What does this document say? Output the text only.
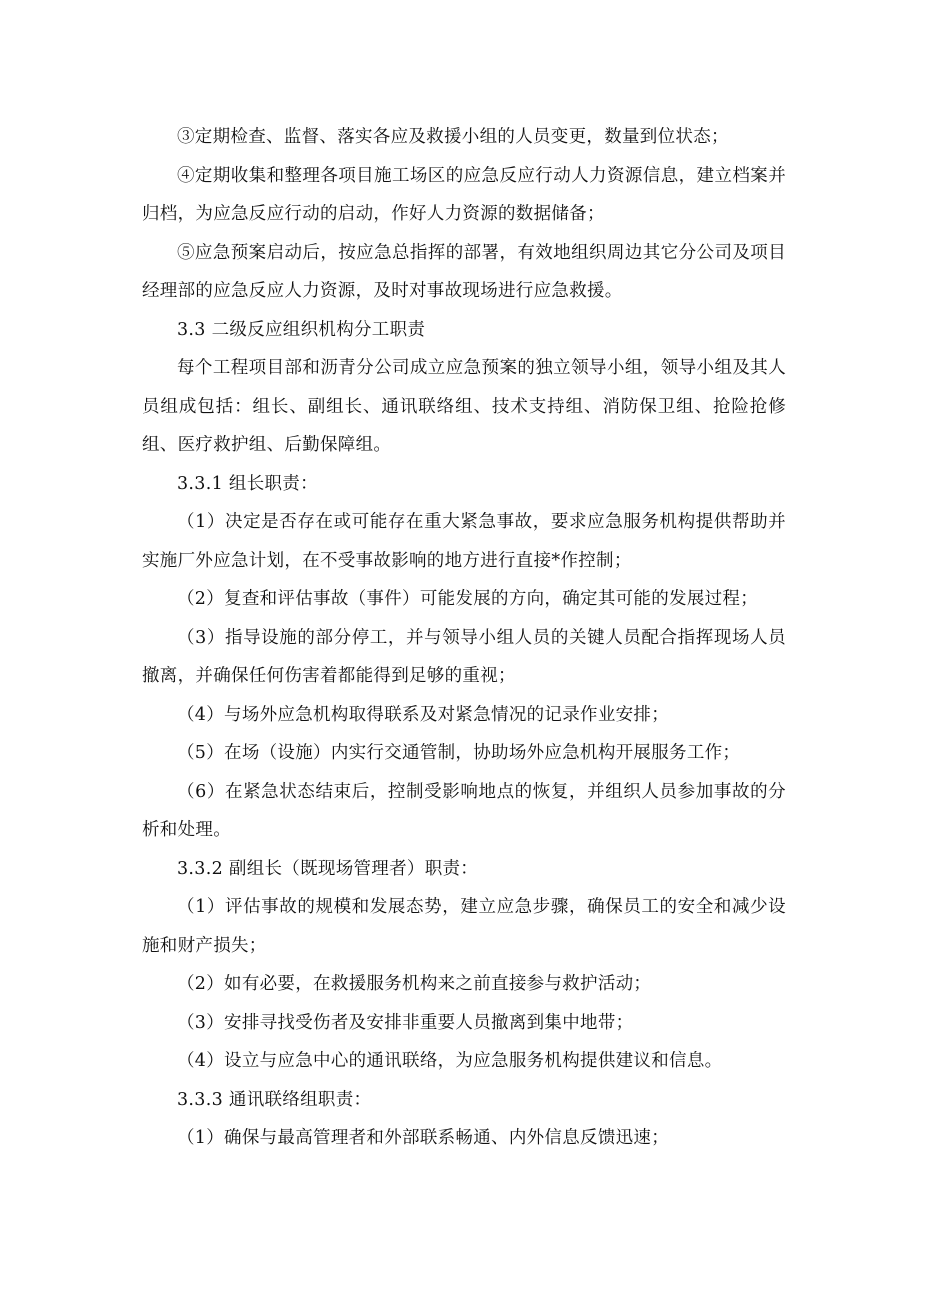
③定期检查、监督、落实各应及救援小组的人员变更，数量到位状态；

④定期收集和整理各项目施工场区的应急反应行动人力资源信息，建立档案并归档，为应急反应行动的启动，作好人力资源的数据储备；

⑤应急预案启动后，按应急总指挥的部署，有效地组织周边其它分公司及项目经理部的应急反应人力资源，及时对事故现场进行应急救援。

3.3 二级反应组织机构分工职责

每个工程项目部和沥青分公司成立应急预案的独立领导小组，领导小组及其人员组成包括：组长、副组长、通讯联络组、技术支持组、消防保卫组、抢险抢修组、医疗救护组、后勤保障组。

3.3.1 组长职责：

（1）决定是否存在或可能存在重大紧急事故，要求应急服务机构提供帮助并实施厂外应急计划，在不受事故影响的地方进行直接*作控制；

（2）复查和评估事故（事件）可能发展的方向，确定其可能的发展过程；

（3）指导设施的部分停工，并与领导小组人员的关键人员配合指挥现场人员撤离，并确保任何伤害着都能得到足够的重视；

（4）与场外应急机构取得联系及对紧急情况的记录作业安排；

（5）在场（设施）内实行交通管制，协助场外应急机构开展服务工作；

（6）在紧急状态结束后，控制受影响地点的恢复，并组织人员参加事故的分析和处理。

3.3.2 副组长（既现场管理者）职责：

（1）评估事故的规模和发展态势，建立应急步骤，确保员工的安全和减少设施和财产损失；

（2）如有必要，在救援服务机构来之前直接参与救护活动；

（3）安排寻找受伤者及安排非重要人员撤离到集中地带；

（4）设立与应急中心的通讯联络，为应急服务机构提供建议和信息。

3.3.3 通讯联络组职责：

（1）确保与最高管理者和外部联系畅通、内外信息反馈迅速；
